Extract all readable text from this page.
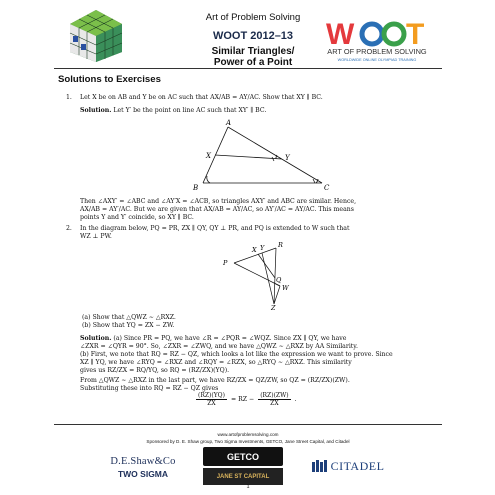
Art of Problem Solving
WOOT 2012–13
Similar Triangles/
Power of a Point
W T
ART OF PROBLEM SOLVING
WORLDWIDE ONLINE OLYMPIAD TRAINING
Solutions to Exercises
1. Let X be on AB and Y be on AC such that AX/AB = AY/AC. Show that XY ∥ BC.
Solution. Let Y′ be the point on line AC such that XY′ ∥ BC.
A
X	Y
B	C
Then ∠AXY′ = ∠ABC and ∠AY′X = ∠ACB, so triangles AXY′ and ABC are similar. Hence,
AX/AB = AY′/AC. But we are given that AX/AB = AY/AC, so AY′/AC = AY/AC. This means
points Y and Y′ coincide, so XY ∥ BC.
2. In the diagram below, PQ = PR, ZX ∥ QY, QY ⊥ PR, and PQ is extended to W such that
WZ ⊥ PW.
P
X Y R
Q
W
Z
(a) Show that △QWZ ∼ △RXZ.
(b) Show that YQ = ZX − ZW.
Solution. (a) Since PR = PQ, we have ∠R = ∠PQR = ∠WQZ. Since ZX ∥ QY, we have
∠ZXR = ∠QYR = 90°. So, ∠ZXR = ∠ZWQ, and we have △QWZ ∼ △RXZ by AA Similarity.
(b) First, we note that RQ = RZ − QZ, which looks a lot like the expression we want to prove. Since
XZ ∥ YQ, we have ∠RYQ = ∠RXZ and ∠RQY = ∠RZX, so △RYQ ∼ △RXZ. This similarity
gives us RZ/ZX = RQ/YQ, so RQ = (RZ/ZX)(YQ).
From △QWZ ∼ △RXZ in the last part, we have RZ/ZX = QZ/ZW, so QZ = (RZ/ZX)(ZW).
Substituting these into RQ = RZ − QZ gives
$\frac{(RZ)(YQ)}{ZX}$ = RZ − $\frac{(RZ)(ZW)}{ZX}$ .
www.artofproblemsolving.com
Sponsored by D. E. Shaw group, Two Sigma Investments, GETCO, Jane Street Capital, and Citadel
D.E.Shaw&Co
TWO SIGMA
GETCO
JANE ST CAPITAL
CITADEL
1
